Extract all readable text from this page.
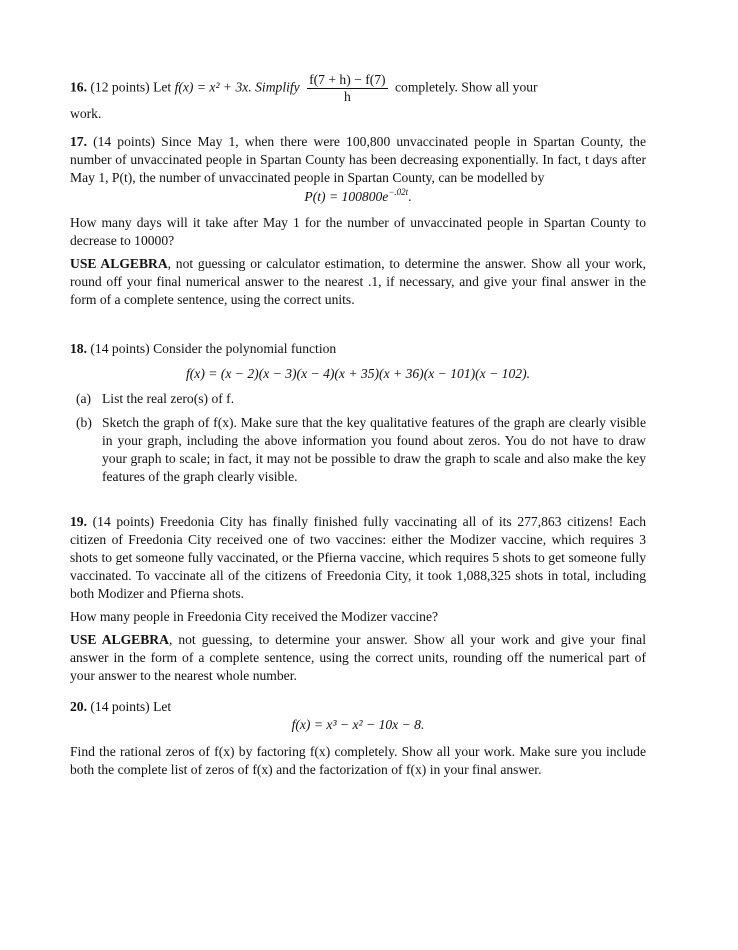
16. (12 points) Let f(x) = x² + 3x. Simplify $\frac{f(7 + h) - f(7)}{h}$ completely. Show all your

work.

17. (14 points) Since May 1, when there were 100,800 unvaccinated people in Spartan County, the number of unvaccinated people in Spartan County has been decreasing exponentially. In fact, t days after May 1, P(t), the number of unvaccinated people in Spartan County, can be modelled by

$P(t) = 100800e^{-.02t}$.

How many days will it take after May 1 for the number of unvaccinated people in Spartan County to decrease to 10000?

USE ALGEBRA, not guessing or calculator estimation, to determine the answer. Show all your work, round off your final numerical answer to the nearest .1, if necessary, and give your final answer in the form of a complete sentence, using the correct units.

18. (14 points) Consider the polynomial function

f(x) = (x − 2)(x − 3)(x − 4)(x + 35)(x + 36)(x − 101)(x − 102).

(a) List the real zero(s) of f.
(b) Sketch the graph of f(x). Make sure that the key qualitative features of the graph are clearly visible in your graph, including the above information you found about zeros. You do not have to draw your graph to scale; in fact, it may not be possible to draw the graph to scale and also make the key features of the graph clearly visible.

19. (14 points) Freedonia City has finally finished fully vaccinating all of its 277,863 citizens! Each citizen of Freedonia City received one of two vaccines: either the Modizer vaccine, which requires 3 shots to get someone fully vaccinated, or the Pfierna vaccine, which requires 5 shots to get someone fully vaccinated. To vaccinate all of the citizens of Freedonia City, it took 1,088,325 shots in total, including both Modizer and Pfierna shots.

How many people in Freedonia City received the Modizer vaccine?

USE ALGEBRA, not guessing, to determine your answer. Show all your work and give your final answer in the form of a complete sentence, using the correct units, rounding off the numerical part of your answer to the nearest whole number.

20. (14 points) Let

f(x) = x³ − x² − 10x − 8.

Find the rational zeros of f(x) by factoring f(x) completely. Show all your work. Make sure you include both the complete list of zeros of f(x) and the factorization of f(x) in your final answer.
